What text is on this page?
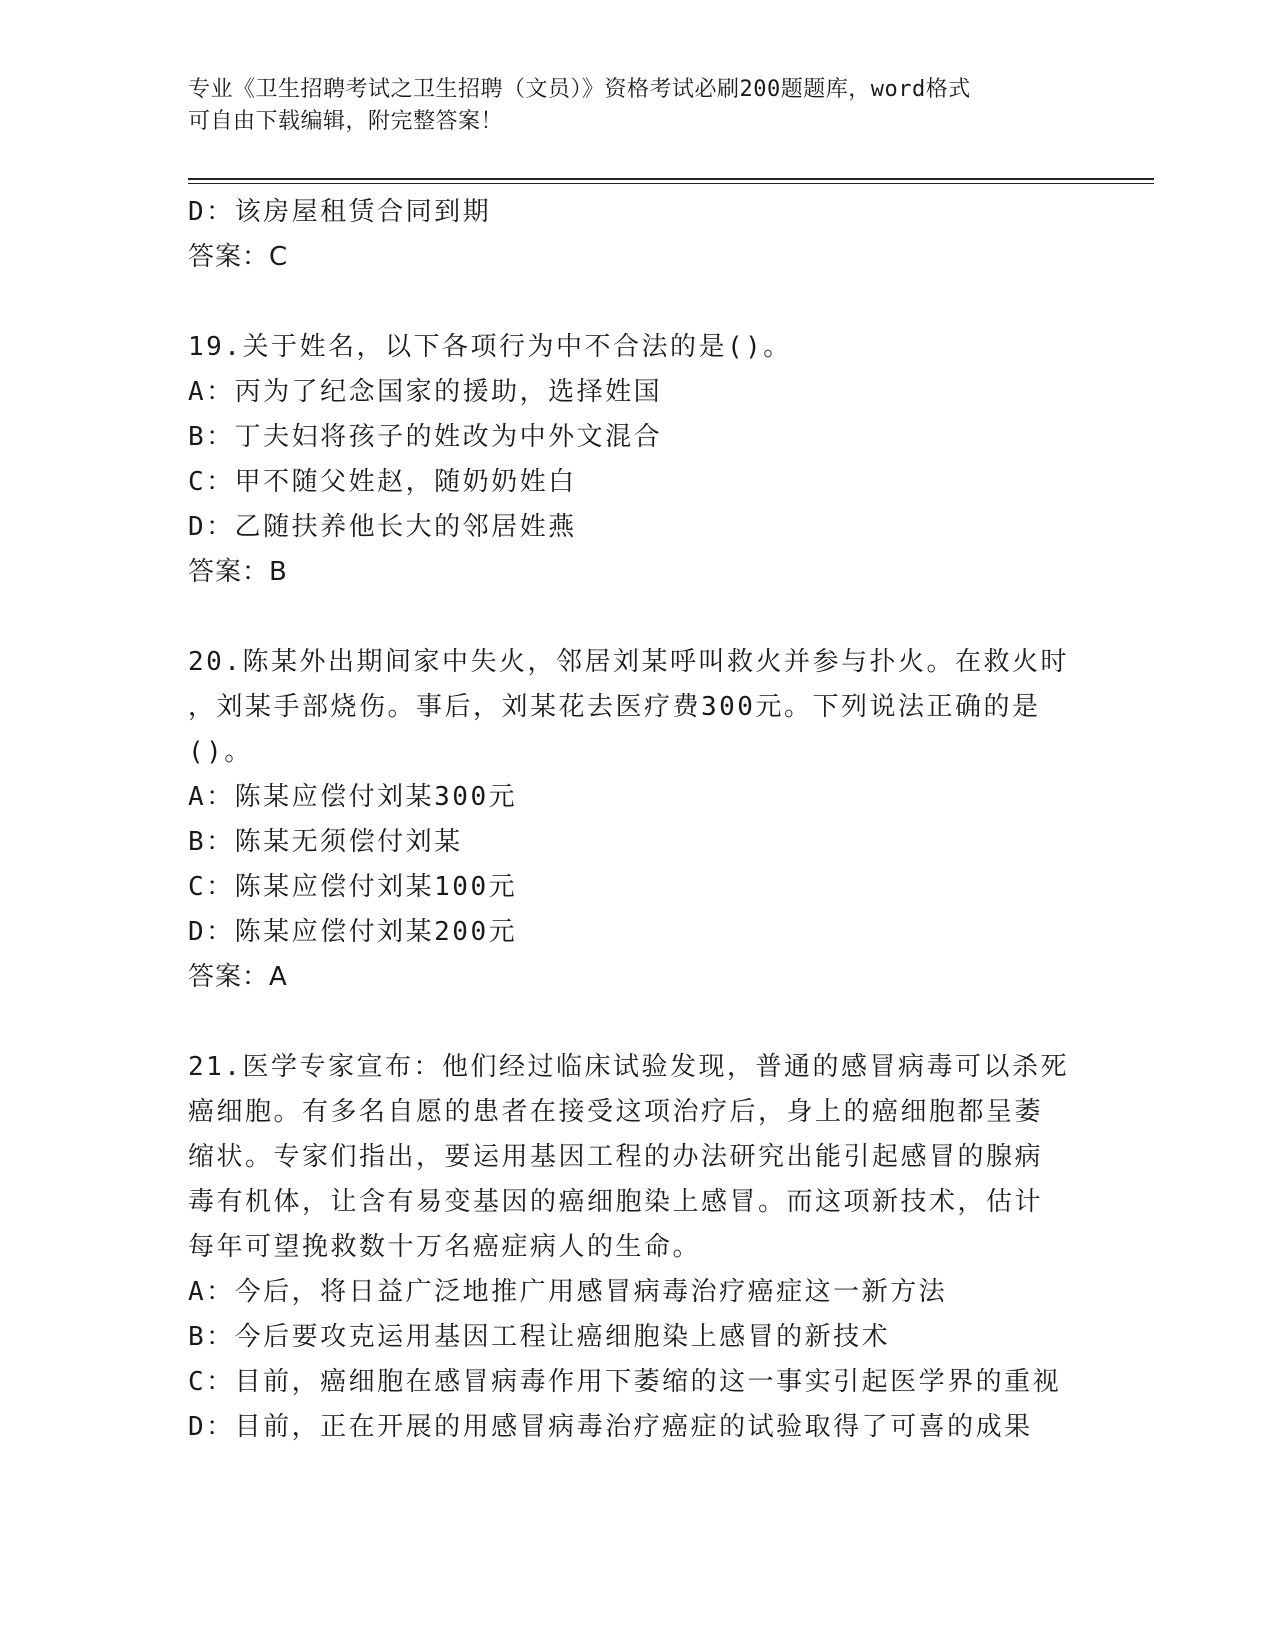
专业《卫生招聘考试之卫生招聘（文员）》资格考试必刷200题题库，word格式
可自由下载编辑，附完整答案！
D：该房屋租赁合同到期
答案：C
19.关于姓名，以下各项行为中不合法的是()。
A：丙为了纪念国家的援助，选择姓国
B：丁夫妇将孩子的姓改为中外文混合
C：甲不随父姓赵，随奶奶姓白
D：乙随扶养他长大的邻居姓燕
答案：B
20.陈某外出期间家中失火，邻居刘某呼叫救火并参与扑火。在救火时
，刘某手部烧伤。事后，刘某花去医疗费300元。下列说法正确的是
()。
A：陈某应偿付刘某300元
B：陈某无须偿付刘某
C：陈某应偿付刘某100元
D：陈某应偿付刘某200元
答案：A
21.医学专家宣布：他们经过临床试验发现，普通的感冒病毒可以杀死
癌细胞。有多名自愿的患者在接受这项治疗后，身上的癌细胞都呈萎
缩状。专家们指出，要运用基因工程的办法研究出能引起感冒的腺病
毒有机体，让含有易变基因的癌细胞染上感冒。而这项新技术，估计
每年可望挽救数十万名癌症病人的生命。
A：今后，将日益广泛地推广用感冒病毒治疗癌症这一新方法
B：今后要攻克运用基因工程让癌细胞染上感冒的新技术
C：目前，癌细胞在感冒病毒作用下萎缩的这一事实引起医学界的重视
D：目前，正在开展的用感冒病毒治疗癌症的试验取得了可喜的成果
